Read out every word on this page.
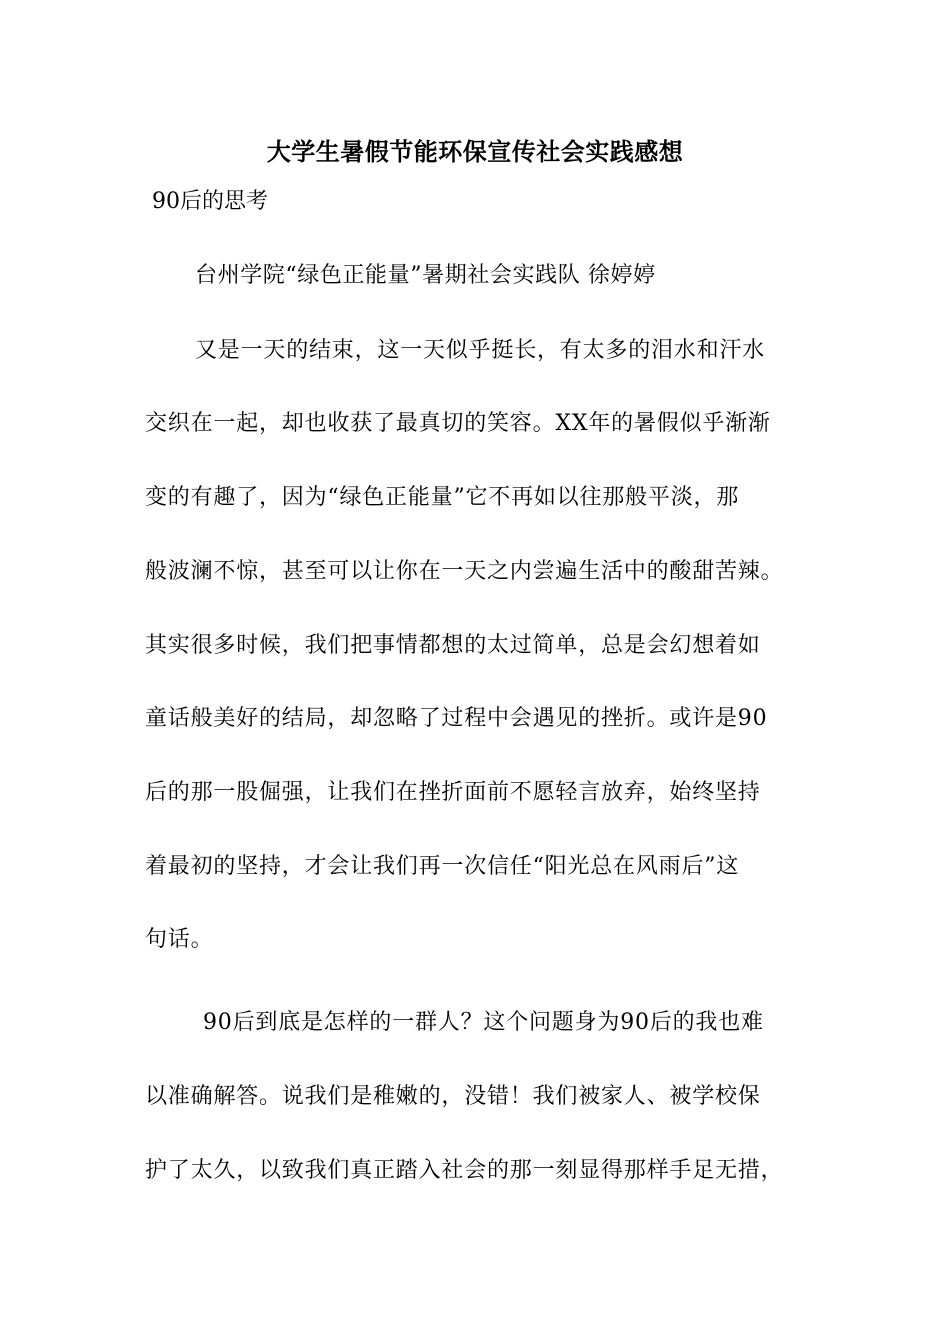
大学生暑假节能环保宣传社会实践感想
90后的思考
台州学院“绿色正能量”暑期社会实践队 徐婷婷
又是一天的结束，这一天似乎挺长，有太多的泪水和汗水
交织在一起，却也收获了最真切的笑容。XX年的暑假似乎渐渐
变的有趣了，因为“绿色正能量”它不再如以往那般平淡，那
般波澜不惊，甚至可以让你在一天之内尝遍生活中的酸甜苦辣。
其实很多时候，我们把事情都想的太过简单，总是会幻想着如
童话般美好的结局，却忽略了过程中会遇见的挫折。或许是90
后的那一股倔强，让我们在挫折面前不愿轻言放弃，始终坚持
着最初的坚持，才会让我们再一次信任“阳光总在风雨后”这
句话。
90后到底是怎样的一群人？这个问题身为90后的我也难
以准确解答。说我们是稚嫩的，没错！我们被家人、被学校保
护了太久，以致我们真正踏入社会的那一刻显得那样手足无措，
